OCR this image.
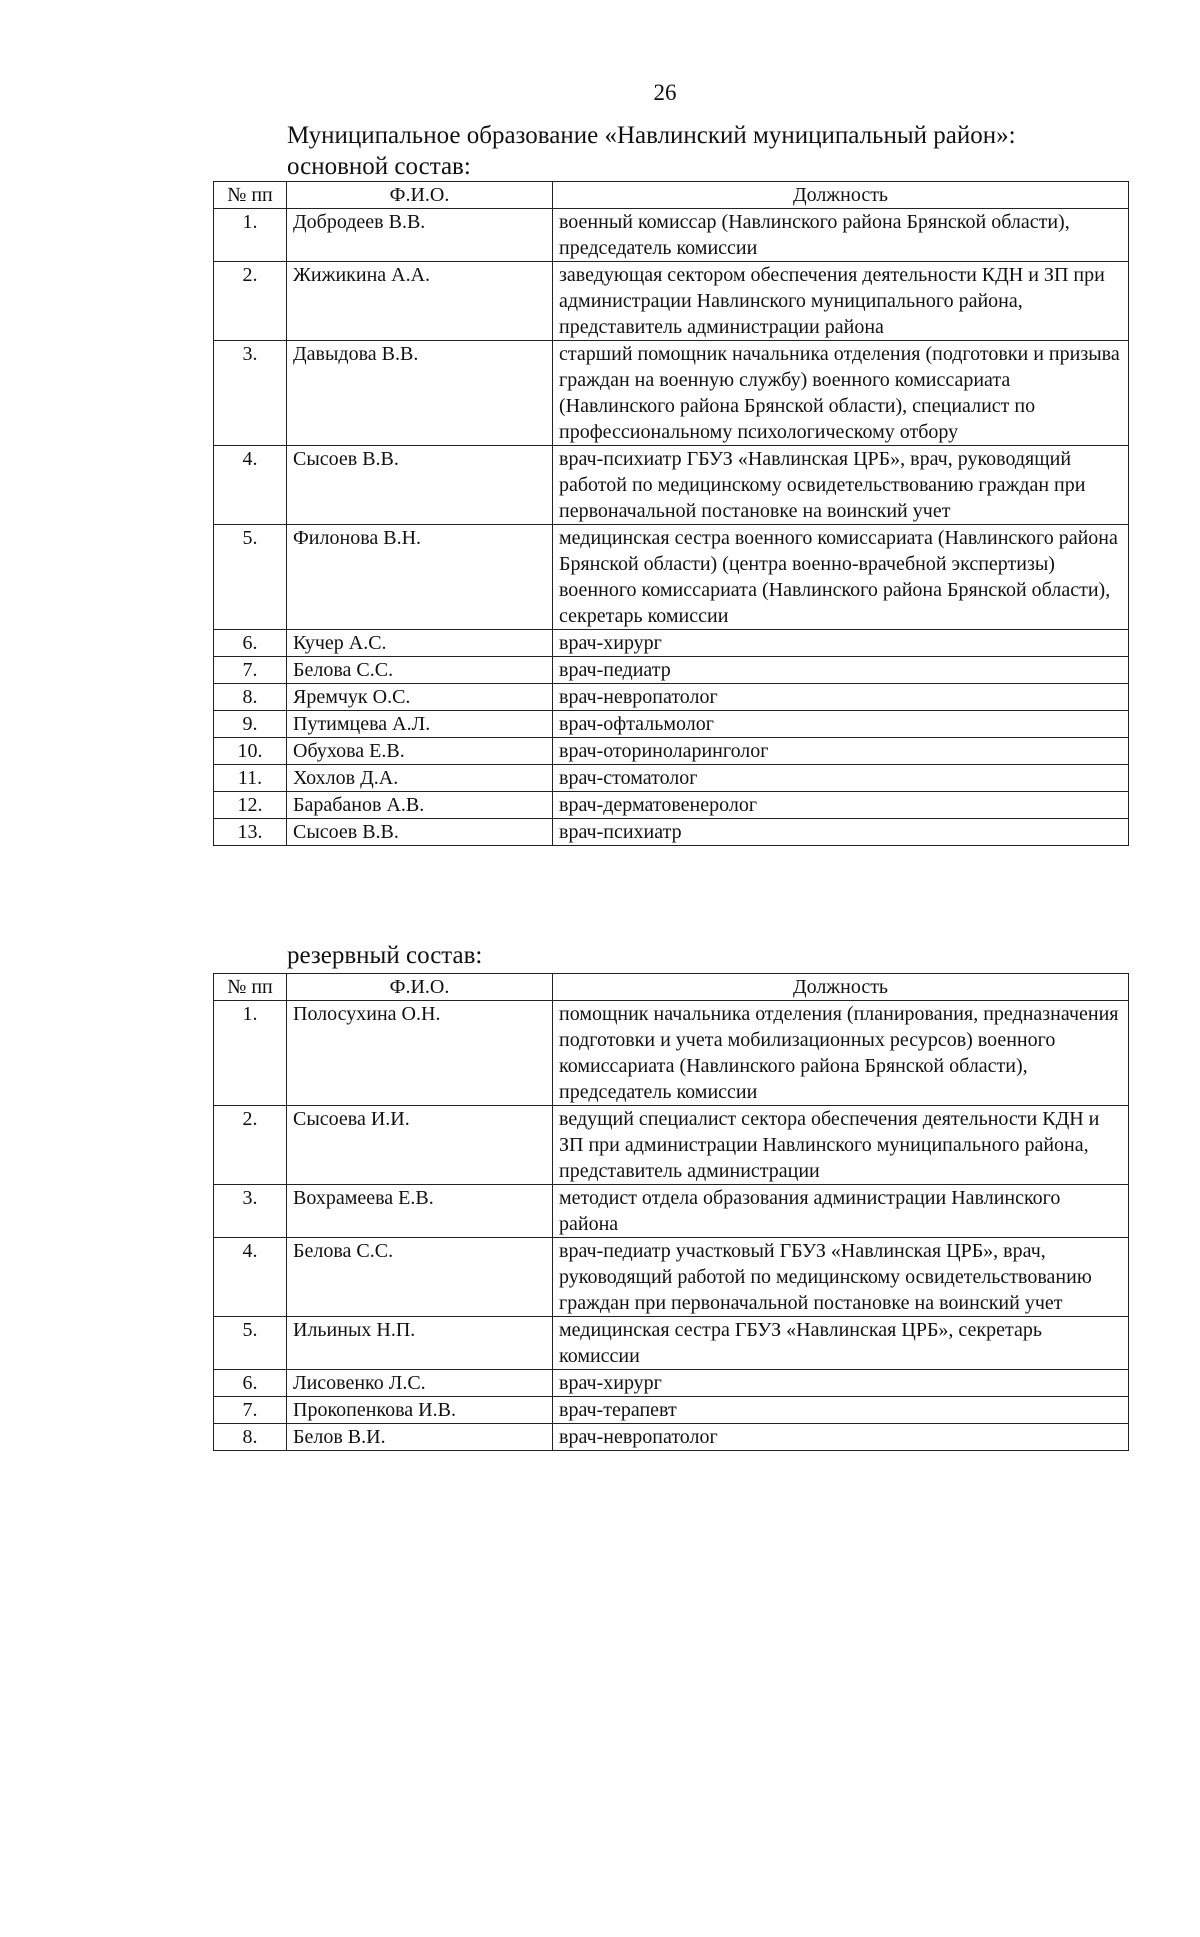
26
Муниципальное образование «Навлинский муниципальный район»:
основной состав:
№ пп	Ф.И.О.	Должность
1.	Добродеев В.В.	военный комиссар (Навлинского района Брянской области), председатель комиссии
2.	Жижикина А.А.	заведующая сектором обеспечения деятельности КДН и ЗП при администрации Навлинского муниципального района, представитель администрации района
3.	Давыдова В.В.	старший помощник начальника отделения (подготовки и призыва граждан на военную службу) военного комиссариата (Навлинского района Брянской области), специалист по профессиональному психологическому отбору
4.	Сысоев В.В.	врач-психиатр ГБУЗ «Навлинская ЦРБ», врач, руководящий работой по медицинскому освидетельствованию граждан при первоначальной постановке на воинский учет
5.	Филонова В.Н.	медицинская сестра военного комиссариата (Навлинского района Брянской области) (центра военно-врачебной экспертизы) военного комиссариата (Навлинского района Брянской области), секретарь комиссии
6.	Кучер А.С.	врач-хирург
7.	Белова С.С.	врач-педиатр
8.	Яремчук О.С.	врач-невропатолог
9.	Путимцева А.Л.	врач-офтальмолог
10.	Обухова Е.В.	врач-оториноларинголог
11.	Хохлов Д.А.	врач-стоматолог
12.	Барабанов А.В.	врач-дерматовенеролог
13.	Сысоев В.В.	врач-психиатр
резервный состав:
№ пп	Ф.И.О.	Должность
1.	Полосухина О.Н.	помощник начальника отделения (планирования, предназначения подготовки и учета мобилизационных ресурсов) военного комиссариата (Навлинского района Брянской области), председатель комиссии
2.	Сысоева И.И.	ведущий специалист сектора обеспечения деятельности КДН и ЗП при администрации Навлинского муниципального района, представитель администрации
3.	Вохрамеева Е.В.	методист отдела образования администрации Навлинского района
4.	Белова С.С.	врач-педиатр участковый ГБУЗ «Навлинская ЦРБ», врач, руководящий работой по медицинскому освидетельствованию граждан при первоначальной постановке на воинский учет
5.	Ильиных Н.П.	медицинская сестра ГБУЗ «Навлинская ЦРБ», секретарь комиссии
6.	Лисовенко Л.С.	врач-хирург
7.	Прокопенкова И.В.	врач-терапевт
8.	Белов В.И.	врач-невропатолог
